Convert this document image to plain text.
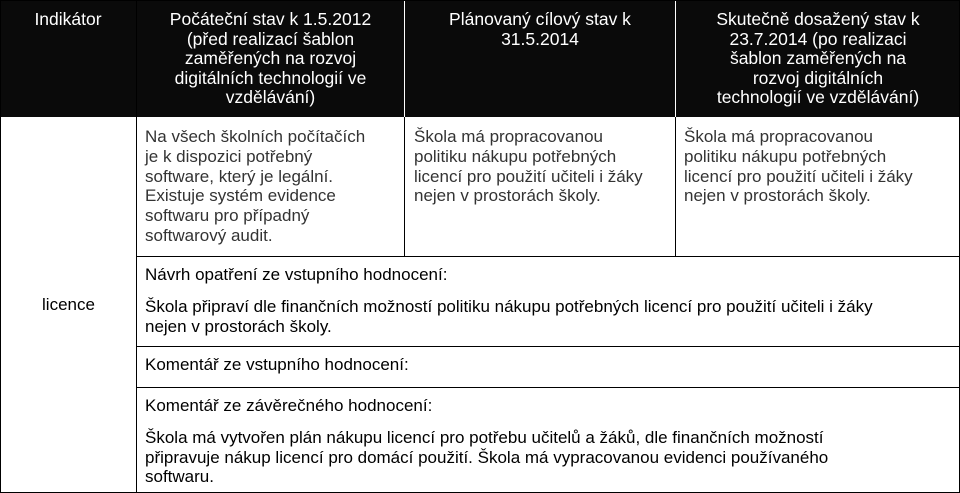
Indikátor	Počáteční stav k 1.5.2012
(před realizací šablon
zaměřených na rozvoj
digitálních technologií ve
vzdělávání)
Plánovaný cílový stav k
31.5.2014
Skutečně dosažený stav k
23.7.2014 (po realizaci
šablon zaměřených na
rozvoj digitálních
technologií ve vzdělávání)
licence
Na všech školních počítačích
je k dispozici potřebný
software, který je legální.
Existuje systém evidence
softwaru pro případný
softwarový audit.
Škola má propracovanou
politiku nákupu potřebných
licencí pro použití učiteli i žáky
nejen v prostorách školy.
Škola má propracovanou
politiku nákupu potřebných
licencí pro použití učiteli i žáky
nejen v prostorách školy.
Návrh opatření ze vstupního hodnocení:
Škola připraví dle finančních možností politiku nákupu potřebných licencí pro použití učiteli i žáky
nejen v prostorách školy.
Komentář ze vstupního hodnocení:
Komentář ze závěrečného hodnocení:
Škola má vytvořen plán nákupu licencí pro potřebu učitelů a žáků, dle finančních možností
připravuje nákup licencí pro domácí použití. Škola má vypracovanou evidenci používaného
softwaru.
